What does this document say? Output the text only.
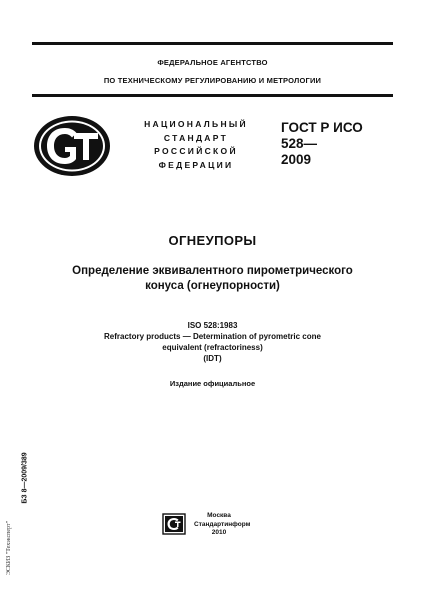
ФЕДЕРАЛЬНОЕ АГЕНТСТВО
ПО ТЕХНИЧЕСКОМУ РЕГУЛИРОВАНИЮ И МЕТРОЛОГИИ
НАЦИОНАЛЬНЫЙ
СТАНДАРТ
РОССИЙСКОЙ
ФЕДЕРАЦИИ
ГОСТ Р ИСО
528—
2009
ОГНЕУПОРЫ
Определение эквивалентного пирометрического
конуса (огнеупорности)
ISO 528:1983
Refractory products — Determination of pyrometric cone
equivalent (refractoriness)
(IDT)
Издание официальное
БЗ 8—2009/389
ЭСКИЗ "Техэксперт"
Москва
Стандартинформ
2010
